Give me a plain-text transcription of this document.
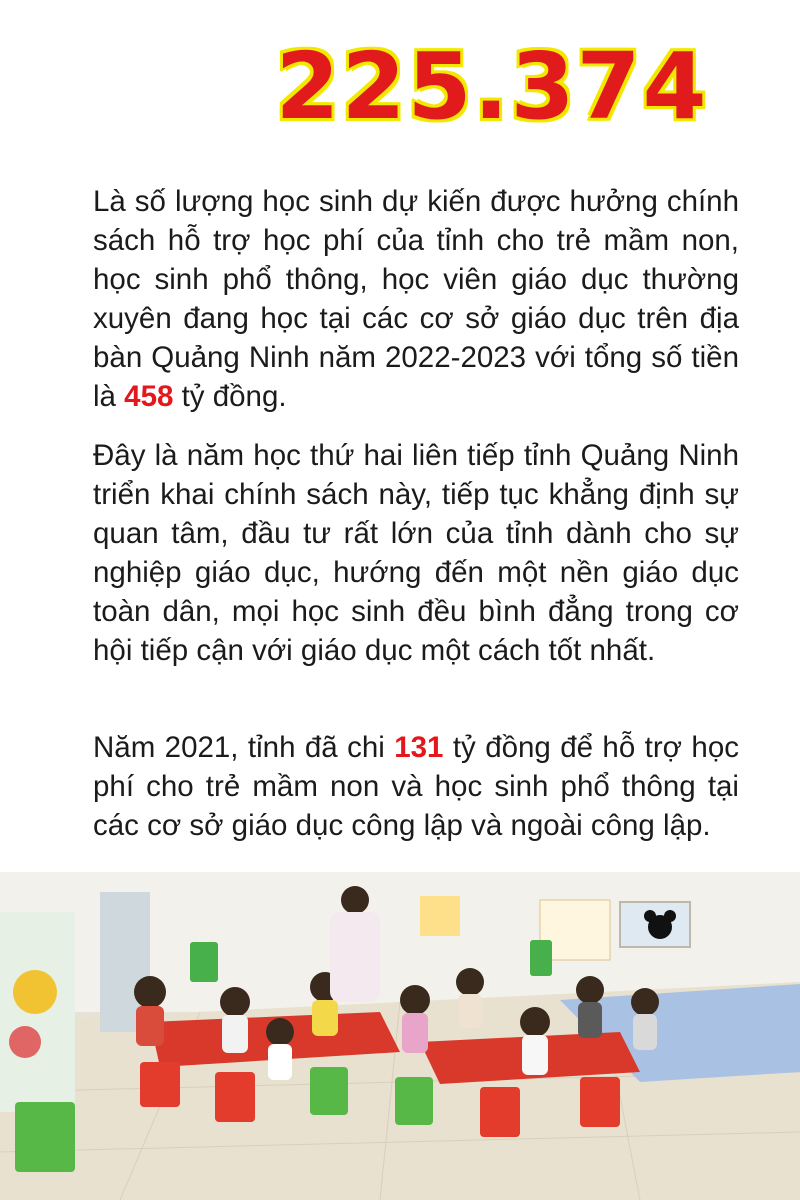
225.374

Là số lượng học sinh dự kiến được hưởng chính sách hỗ trợ học phí của tỉnh cho trẻ mầm non, học sinh phổ thông, học viên giáo dục thường xuyên đang học tại các cơ sở giáo dục trên địa bàn Quảng Ninh năm 2022-2023 với tổng số tiền là 458 tỷ đồng.

Đây là năm học thứ hai liên tiếp tỉnh Quảng Ninh triển khai chính sách này, tiếp tục khẳng định sự quan tâm, đầu tư rất lớn của tỉnh dành cho sự nghiệp giáo dục, hướng đến một nền giáo dục toàn dân, mọi học sinh đều bình đẳng trong cơ hội tiếp cận với giáo dục một cách tốt nhất.

Năm 2021, tỉnh đã chi 131 tỷ đồng để hỗ trợ học phí cho trẻ mầm non và học sinh phổ thông tại các cơ sở giáo dục công lập và ngoài công lập.
